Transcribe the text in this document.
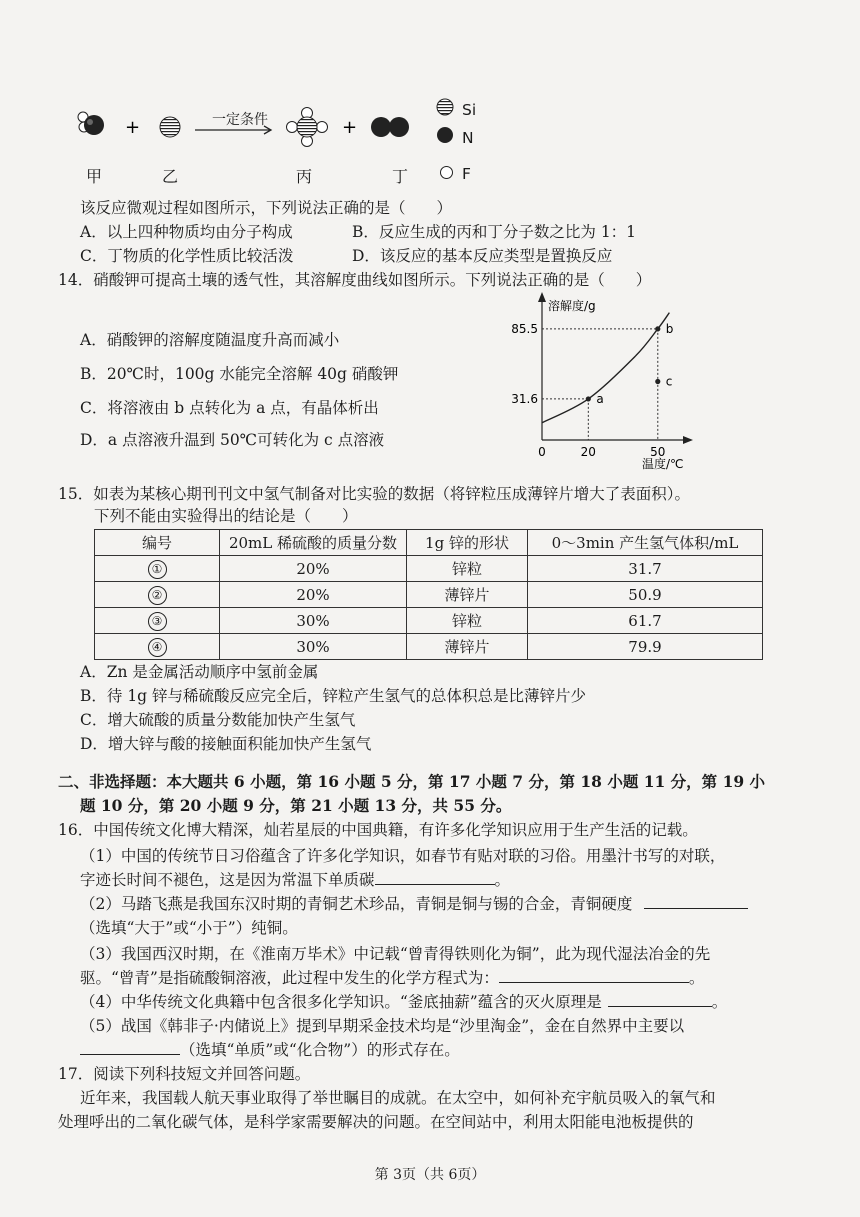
+	+
一定条件
Si
N
F
甲	乙	丙	丁
该反应微观过程如图所示，下列说法正确的是（　　）
A．以上四种物质均由分子构成	B．反应生成的丙和丁分子数之比为 1：1
C．丁物质的化学性质比较活泼	D．该反应的基本反应类型是置换反应
14．硝酸钾可提高土壤的透气性，其溶解度曲线如图所示。下列说法正确的是（　　）
A．硝酸钾的溶解度随温度升高而减小
B．20℃时，100g 水能完全溶解 40g 硝酸钾
C．将溶液由 b 点转化为 a 点，有晶体析出
D．a 点溶液升温到 50℃可转化为 c 点溶液
溶解度/g
温度/℃
a
b
c
31.6
85.5
0	20	50
15．如表为某核心期刊刊文中氢气制备对比实验的数据（将锌粒压成薄锌片增大了表面积）。
下列不能由实验得出的结论是（　　）
编号	20mL 稀硫酸的质量分数	1g 锌的形状	0～3min 产生氢气体积/mL
①	20%	锌粒	31.7
②	20%	薄锌片	50.9
③	30%	锌粒	61.7
④	30%	薄锌片	79.9
A．Zn 是金属活动顺序中氢前金属
B．待 1g 锌与稀硫酸反应完全后，锌粒产生氢气的总体积总是比薄锌片少
C．增大硫酸的质量分数能加快产生氢气
D．增大锌与酸的接触面积能加快产生氢气
二、非选择题：本大题共 6 小题，第 16 小题 5 分，第 17 小题 7 分，第 18 小题 11 分，第 19 小
题 10 分，第 20 小题 9 分，第 21 小题 13 分，共 55 分。
16．中国传统文化博大精深，灿若星辰的中国典籍，有许多化学知识应用于生产生活的记载。
（1）中国的传统节日习俗蕴含了许多化学知识，如春节有贴对联的习俗。用墨汁书写的对联，
字迹长时间不褪色，这是因为常温下单质碳	。
（2）马踏飞燕是我国东汉时期的青铜艺术珍品，青铜是铜与锡的合金，青铜硬度
（选填“大于”或“小于”）纯铜。
（3）我国西汉时期，在《淮南万毕术》中记载“曾青得铁则化为铜”，此为现代湿法冶金的先
驱。“曾青”是指硫酸铜溶液，此过程中发生的化学方程式为：	。
（4）中华传统文化典籍中包含很多化学知识。“釜底抽薪”蕴含的灭火原理是	。
（5）战国《韩非子·内储说上》提到早期采金技术均是“沙里淘金”，金在自然界中主要以
（选填“单质”或“化合物”）的形式存在。
17．阅读下列科技短文并回答问题。
近年来，我国载人航天事业取得了举世瞩目的成就。在太空中，如何补充宇航员吸入的氧气和
处理呼出的二氧化碳气体，是科学家需要解决的问题。在空间站中，利用太阳能电池板提供的
第 3页（共 6页）
